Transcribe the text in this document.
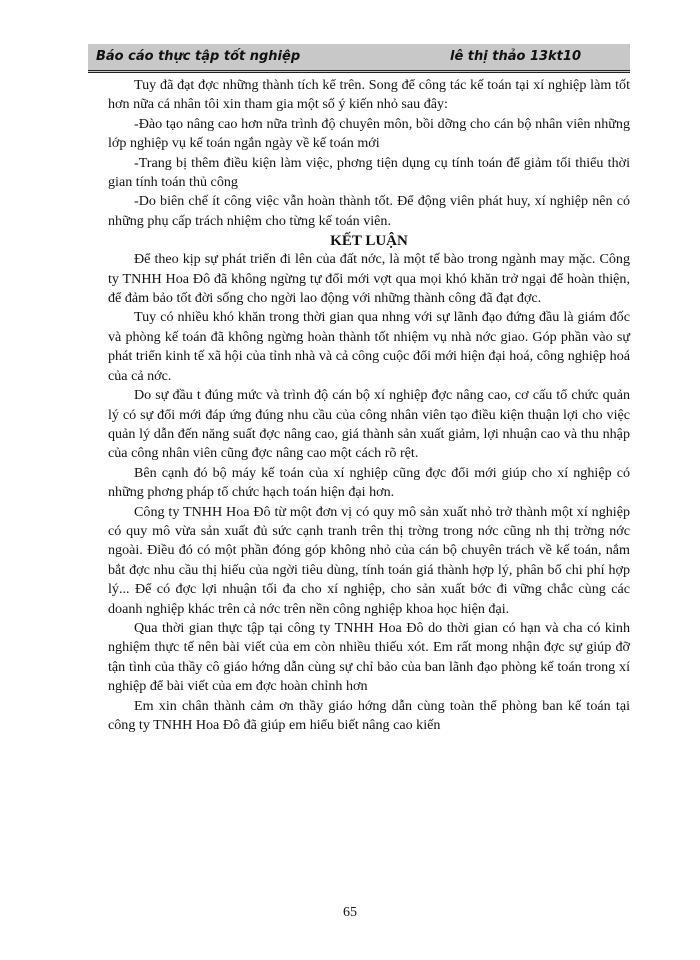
Báo cáo thực tập tốt nghiệp	lê thị thảo 13kt10

Tuy đã đạt đợc những thành tích kể trên. Song để công tác kế toán tại xí nghiệp làm tốt hơn nữa cá nhân tôi xin tham gia một số ý kiến nhỏ sau đây:

-Đào tạo nâng cao hơn nữa trình độ chuyên môn, bồi dỡng cho cán bộ nhân viên những lớp nghiệp vụ kế toán ngắn ngày về kế toán mới

-Trang bị thêm điều kiện làm việc, phơng tiện dụng cụ tính toán để giảm tối thiểu thời gian tính toán thủ công

-Do biên chế ít công việc vẫn hoàn thành tốt. Để động viên phát huy, xí nghiệp nên có những phụ cấp trách nhiệm cho từng kế toán viên.

KẾT LUẬN

Để theo kịp sự phát triển đi lên của đất nớc, là một tế bào trong ngành may mặc. Công ty TNHH Hoa Đô đã không ngừng tự đổi mới vợt qua mọi khó khăn trở ngại để hoàn thiện, để đảm bảo tốt đời sống cho ngời lao động với những thành công đã đạt đợc.

Tuy có nhiều khó khăn trong thời gian qua nhng với sự lãnh đạo đứng đầu là giám đốc và phòng kế toán đã không ngừng hoàn thành tốt nhiệm vụ nhà nớc giao. Góp phần vào sự phát triển kinh tế xã hội của tỉnh nhà và cả công cuộc đổi mới hiện đại hoá, công nghiệp hoá của cả nớc.

Do sự đầu t đúng mức và trình độ cán bộ xí nghiệp đợc nâng cao, cơ cấu tổ chức quản lý có sự đổi mới đáp ứng đúng nhu cầu của công nhân viên tạo điều kiện thuận lợi cho việc quản lý dẫn đến năng suất đợc nâng cao, giá thành sản xuất giảm, lợi nhuận cao và thu nhập của công nhân viên cũng đợc nâng cao một cách rõ rệt.

Bên cạnh đó bộ máy kế toán của xí nghiệp cũng đợc đổi mới giúp cho xí nghiệp có những phơng pháp tổ chức hạch toán hiện đại hơn.

Công ty TNHH Hoa Đô từ một đơn vị có quy mô sản xuất nhỏ trở thành một xí nghiệp có quy mô vừa sản xuất đủ sức cạnh tranh trên thị trờng trong nớc cũng nh thị trờng nớc ngoài. Điều đó có một phần đóng góp không nhỏ của cán bộ chuyên trách về kế toán, nắm bắt đợc nhu cầu thị hiếu của ngời tiêu dùng, tính toán giá thành hợp lý, phân bổ chi phí hợp lý... Để có đợc lợi nhuận tối đa cho xí nghiệp, cho sản xuất bớc đi vững chắc cùng các doanh nghiệp khác trên cả nớc trên nền công nghiệp khoa học hiện đại.

Qua thời gian thực tập tại công ty TNHH Hoa Đô do thời gian có hạn và cha có kinh nghiệm thực tế nên bài viết của em còn nhiều thiếu xót. Em rất mong nhận đợc sự giúp đỡ tận tình của thầy cô giáo hớng dẫn cùng sự chỉ bảo của ban lãnh đạo phòng kế toán trong xí nghiệp để bài viết của em đợc hoàn chỉnh hơn

Em xin chân thành cảm ơn thầy giáo hớng dẫn cùng toàn thể phòng ban kế toán tại công ty TNHH Hoa Đô đã giúp em hiểu biết nâng cao kiến

65
